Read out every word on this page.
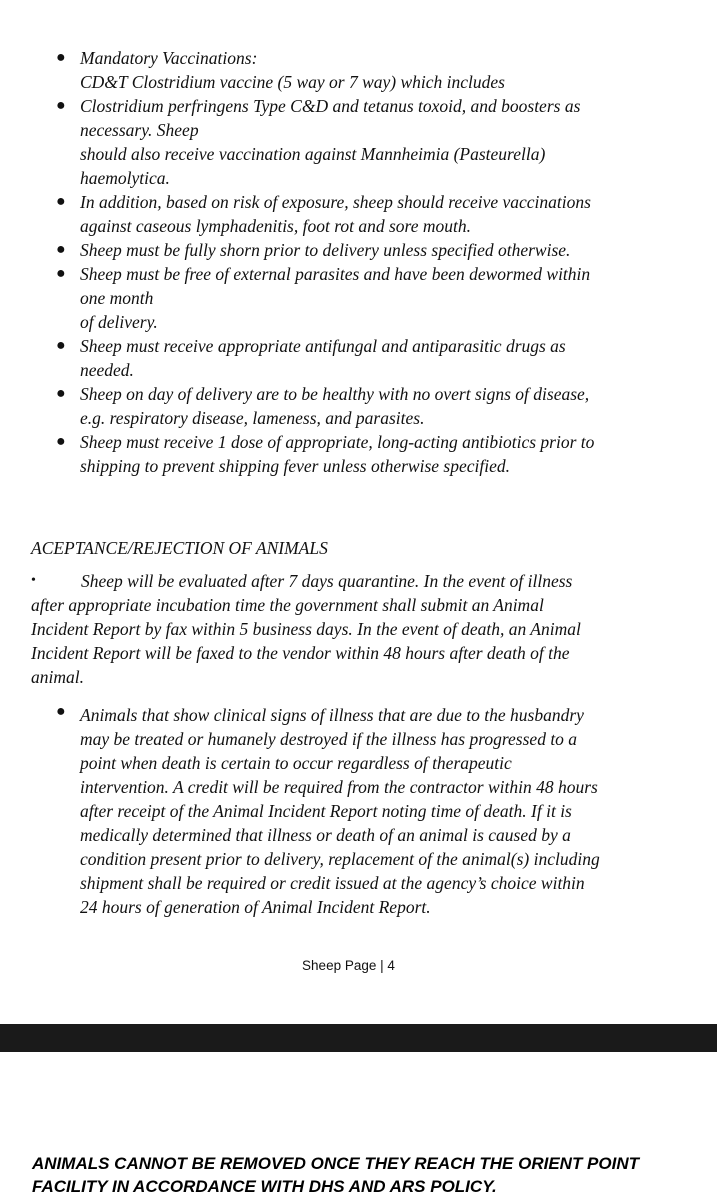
● Mandatory Vaccinations:
CD&T Clostridium vaccine (5 way or 7 way) which includes
● Clostridium perfringens Type C&D and tetanus toxoid, and boosters as
necessary. Sheep
should also receive vaccination against Mannheimia (Pasteurella)
haemolytica.
● In addition, based on risk of exposure, sheep should receive vaccinations
against caseous lymphadenitis, foot rot and sore mouth.
● Sheep must be fully shorn prior to delivery unless specified otherwise.
● Sheep must be free of external parasites and have been dewormed within
one month
of delivery.
● Sheep must receive appropriate antifungal and antiparasitic drugs as
needed.
● Sheep on day of delivery are to be healthy with no overt signs of disease,
e.g. respiratory disease, lameness, and parasites.
● Sheep must receive 1 dose of appropriate, long-acting antibiotics prior to
shipping to prevent shipping fever unless otherwise specified.
ACEPTANCE/REJECTION OF ANIMALS
•	Sheep will be evaluated after 7 days quarantine. In the event of illness
after appropriate incubation time the government shall submit an Animal
Incident Report by fax within 5 business days. In the event of death, an Animal
Incident Report will be faxed to the vendor within 48 hours after death of the
animal.
● Animals that show clinical signs of illness that are due to the husbandry
may be treated or humanely destroyed if the illness has progressed to a
point when death is certain to occur regardless of therapeutic
intervention. A credit will be required from the contractor within 48 hours
after receipt of the Animal Incident Report noting time of death. If it is
medically determined that illness or death of an animal is caused by a
condition present prior to delivery, replacement of the animal(s) including
shipment shall be required or credit issued at the agency’s choice within
24 hours of generation of Animal Incident Report.
Sheep Page | 4
ANIMALS CANNOT BE REMOVED ONCE THEY REACH THE ORIENT POINT
FACILITY IN ACCORDANCE WITH DHS AND ARS POLICY.
